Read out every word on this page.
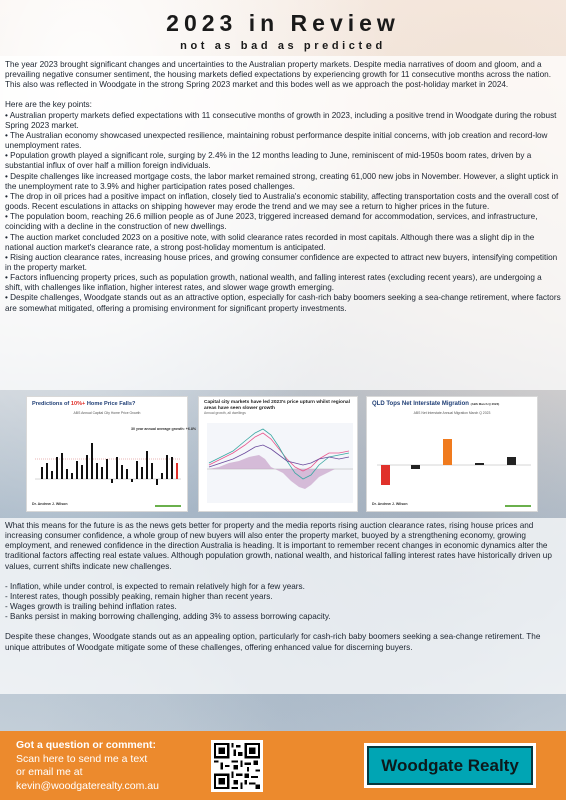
2023 in Review
not as bad as predicted

The year 2023 brought significant changes and uncertainties to the Australian property markets. Despite media narratives of doom and gloom, and a prevailing negative consumer sentiment, the housing markets defied expectations by experiencing growth for 11 consecutive months across the nation. This also was reflected in Woodgate in the strong Spring 2023 market and this bodes well as we approach the post-holiday market in 2024.

Here are the key points:
• Australian property markets defied expectations with 11 consecutive months of growth in 2023, including a positive trend in Woodgate during the robust Spring 2023 market.
• The Australian economy showcased unexpected resilience, maintaining robust performance despite initial concerns, with job creation and record-low unemployment rates.
• Population growth played a significant role, surging by 2.4% in the 12 months leading to June, reminiscent of mid-1950s boom rates, driven by a substantial influx of over half a million foreign individuals.
• Despite challenges like increased mortgage costs, the labor market remained strong, creating 61,000 new jobs in November. However, a slight uptick in the unemployment rate to 3.9% and higher participation rates posed challenges.
• The drop in oil prices had a positive impact on inflation, closely tied to Australia's economic stability, affecting transportation costs and the overall cost of goods. Recent esculations in attacks on shipping however may erode the trend and we may see a return to higher prices in the future.
• The population boom, reaching 26.6 million people as of June 2023, triggered increased demand for accommodation, services, and infrastructure, coinciding with a decline in the construction of new dwellings.
• The auction market concluded 2023 on a positive note, with solid clearance rates recorded in most capitals. Although there was a slight dip in the national auction market's clearance rate, a strong post-holiday momentum is anticipated.
• Rising auction clearance rates, increasing house prices, and growing consumer confidence are expected to attract new buyers, intensifying competition in the property market.
• Factors influencing property prices, such as population growth, national wealth, and falling interest rates (excluding recent years), are undergoing a shift, with challenges like inflation, higher interest rates, and slower wage growth emerging.
• Despite challenges, Woodgate stands out as an attractive option, especially for cash-rich baby boomers seeking a sea-change retirement, where factors are somewhat mitigated, offering a promising environment for significant property investments.
Predictions of 10%+ Home Price Falls?
ABS Annual Capital City Home Price Growth
30 year annual average growth: +6.8%
Dr. Andrew J. Wilson
Capital city markets have led 2023's price upturn whilst regional areas have seen slower growth
Annual growth, all dwellings
QLD Tops Net Interstate Migration (ABS March Q 2023)
ABS Net Interstate Annual Migration March Q 2023
Dr. Andrew J. Wilson

What this means for the future is as the news gets better for property and the media reports rising auction clearance rates, rising house prices and increasing consumer confidence, a whole group of new buyers will also enter the property market, buoyed by a strengthening economy, growing employment, and renewed confidence in the direction Australia is heading. It is important to remember recent changes in economic dynamics alter the traditional factors affecting real estate values. Although population growth, national wealth, and historical falling interest rates have historically driven up values, current shifts indicate new challenges.

- Inflation, while under control, is expected to remain relatively high for a few years.
- Interest rates, though possibly peaking, remain higher than recent years.
- Wages growth is trailing behind inflation rates.
- Banks persist in making borrowing challenging, adding 3% to assess borrowing capacity.

Despite these changes, Woodgate stands out as an appealing option, particularly for cash-rich baby boomers seeking a sea-change retirement. The unique attributes of Woodgate mitigate some of these challenges, offering enhanced value for discerning buyers.

Got a question or comment:
Scan here to send me a text
or email me at
kevin@woodgaterealty.com.au
Woodgate Realty
